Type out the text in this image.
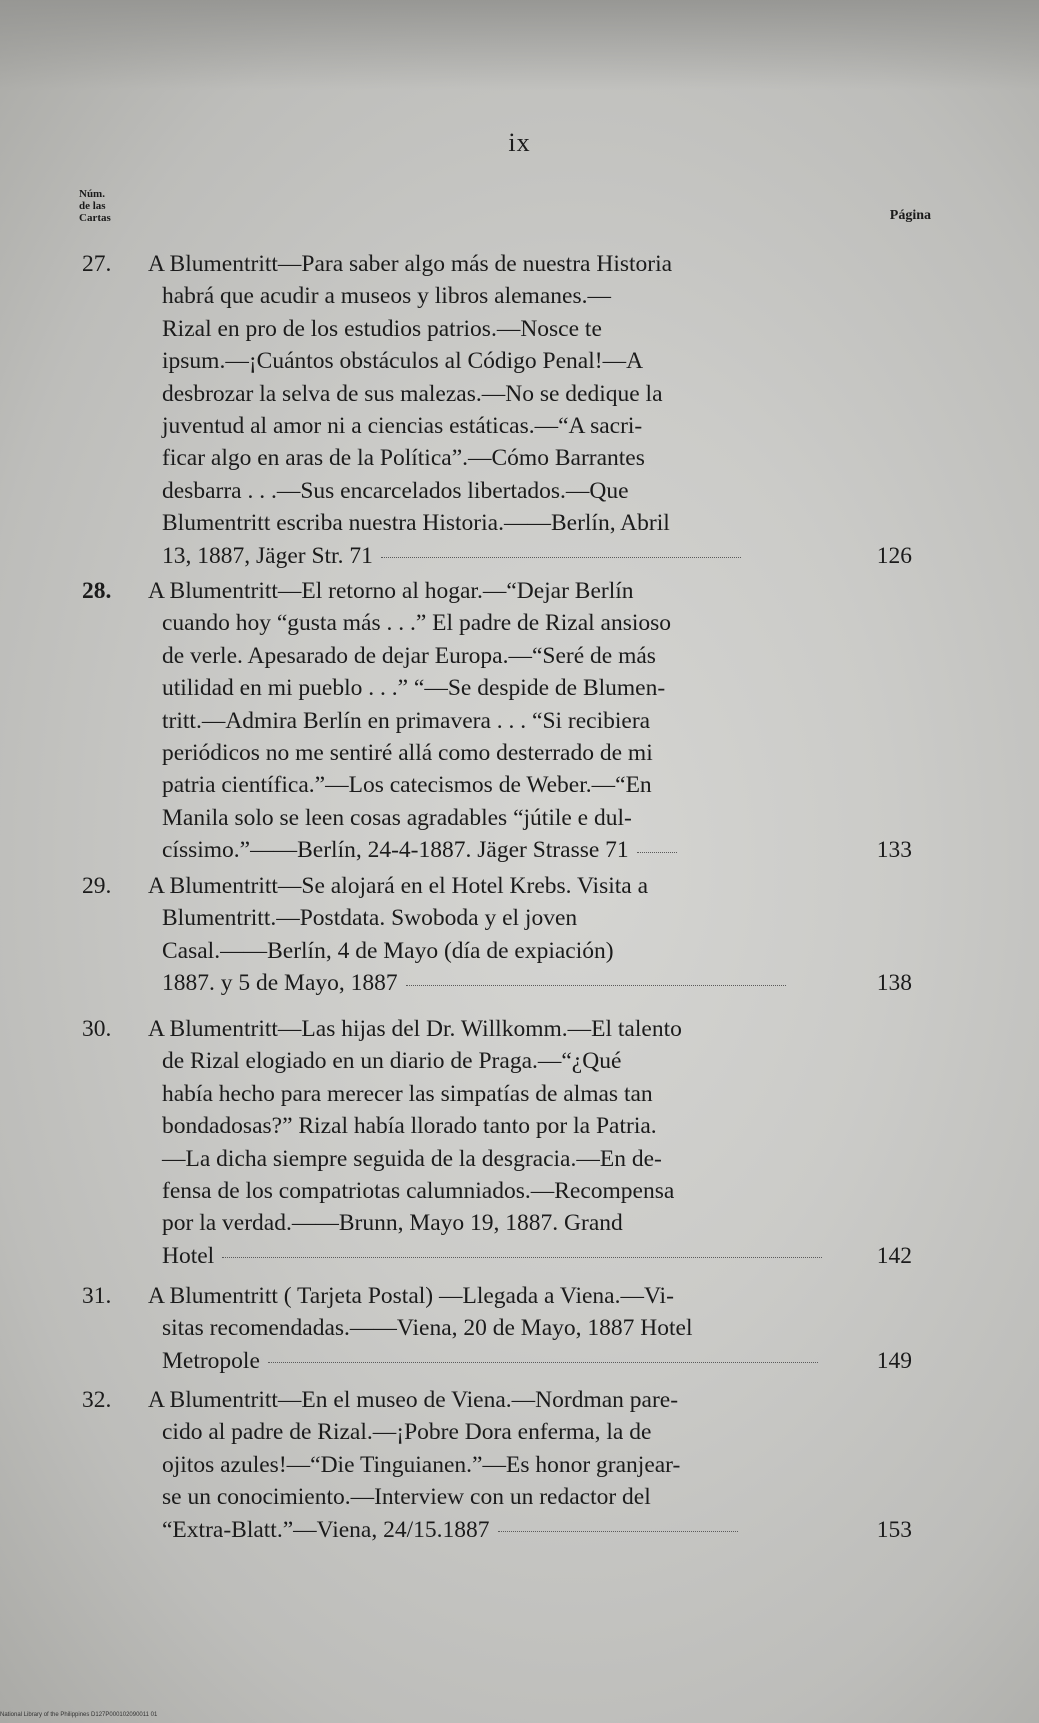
ix
Núm.
de las
Cartas	Página
27.	A Blumentritt—Para saber algo más de nuestra Historia
habrá que acudir a museos y libros alemanes.—
Rizal en pro de los estudios patrios.—Nosce te
ipsum.—¡Cuántos obstáculos al Código Penal!—A
desbrozar la selva de sus malezas.—No se dedique la
juventud al amor ni a ciencias estáticas.—“A sacri-
ficar algo en aras de la Política”.—Cómo Barrantes
desbarra . . .—Sus encarcelados libertados.—Que
Blumentritt escriba nuestra Historia.——Berlín, Abril
13, 1887, Jäger Str. 71	126
28.	A Blumentritt—El retorno al hogar.—“Dejar Berlín
cuando hoy “gusta más . . .” El padre de Rizal ansioso
de verle. Apesarado de dejar Europa.—“Seré de más
utilidad en mi pueblo . . .” “—Se despide de Blumen-
tritt.—Admira Berlín en primavera . . . “Si recibiera
periódicos no me sentiré allá como desterrado de mi
patria científica.”—Los catecismos de Weber.—“En
Manila solo se leen cosas agradables “jútile e dul-
císsimo.”——Berlín, 24-4-1887. Jäger Strasse 71	133
29.	A Blumentritt—Se alojará en el Hotel Krebs. Visita a
Blumentritt.—Postdata. Swoboda y el joven
Casal.——Berlín, 4 de Mayo (día de expiación)
1887. y 5 de Mayo, 1887	138
30.	A Blumentritt—Las hijas del Dr. Willkomm.—El talento
de Rizal elogiado en un diario de Praga.—“¿Qué
había hecho para merecer las simpatías de almas tan
bondadosas?” Rizal había llorado tanto por la Patria.
—La dicha siempre seguida de la desgracia.—En de-
fensa de los compatriotas calumniados.—Recompensa
por la verdad.——Brunn, Mayo 19, 1887. Grand
Hotel	142
31.	A Blumentritt ( Tarjeta Postal) —Llegada a Viena.—Vi-
sitas recomendadas.——Viena, 20 de Mayo, 1887 Hotel
Metropole	149
32.	A Blumentritt—En el museo de Viena.—Nordman pare-
cido al padre de Rizal.—¡Pobre Dora enferma, la de
ojitos azules!—“Die Tinguianen.”—Es honor granjear-
se un conocimiento.—Interview con un redactor del
“Extra-Blatt.”—Viena, 24/15.1887	153
National Library of the Philippines D127P000102090011 01
